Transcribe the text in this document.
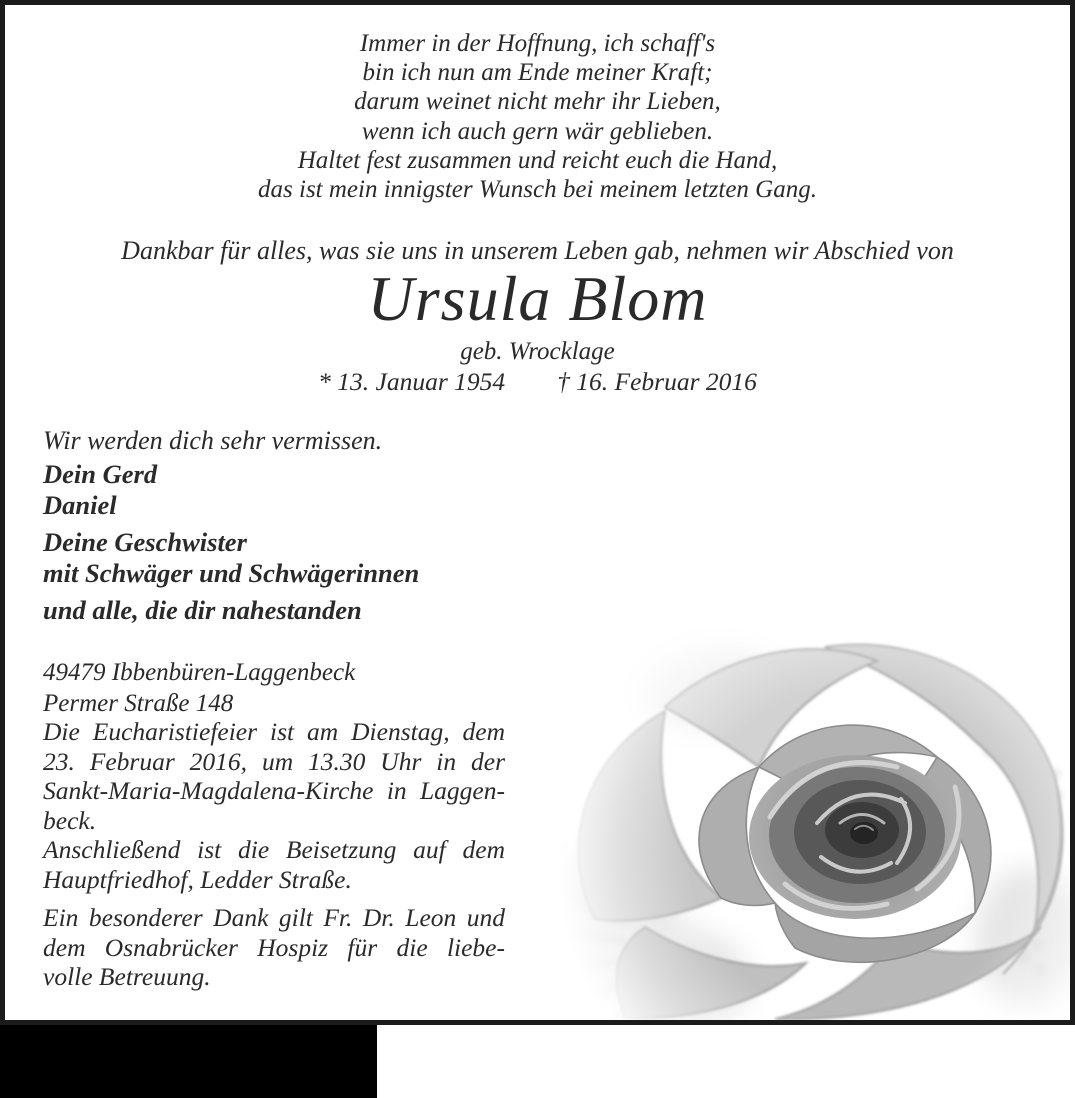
Immer in der Hoffnung, ich schaff's
bin ich nun am Ende meiner Kraft;
darum weinet nicht mehr ihr Lieben,
wenn ich auch gern wär geblieben.
Haltet fest zusammen und reicht euch die Hand,
das ist mein innigster Wunsch bei meinem letzten Gang.
Dankbar für alles, was sie uns in unserem Leben gab, nehmen wir Abschied von
Ursula Blom
geb. Wrocklage
* 13. Januar 1954 † 16. Februar 2016
Wir werden dich sehr vermissen.
Dein Gerd
Daniel
Deine Geschwister
mit Schwäger und Schwägerinnen
und alle, die dir nahestanden
49479 Ibbenbüren-Laggenbeck
Permer Straße 148
Die Eucharistiefeier ist am Dienstag, dem
23. Februar 2016, um 13.30 Uhr in der
Sankt-Maria-Magdalena-Kirche in Laggen-
beck.
Anschließend ist die Beisetzung auf dem
Hauptfriedhof, Ledder Straße.
Ein besonderer Dank gilt Fr. Dr. Leon und
dem Osnabrücker Hospiz für die liebe-
volle Betreuung.
